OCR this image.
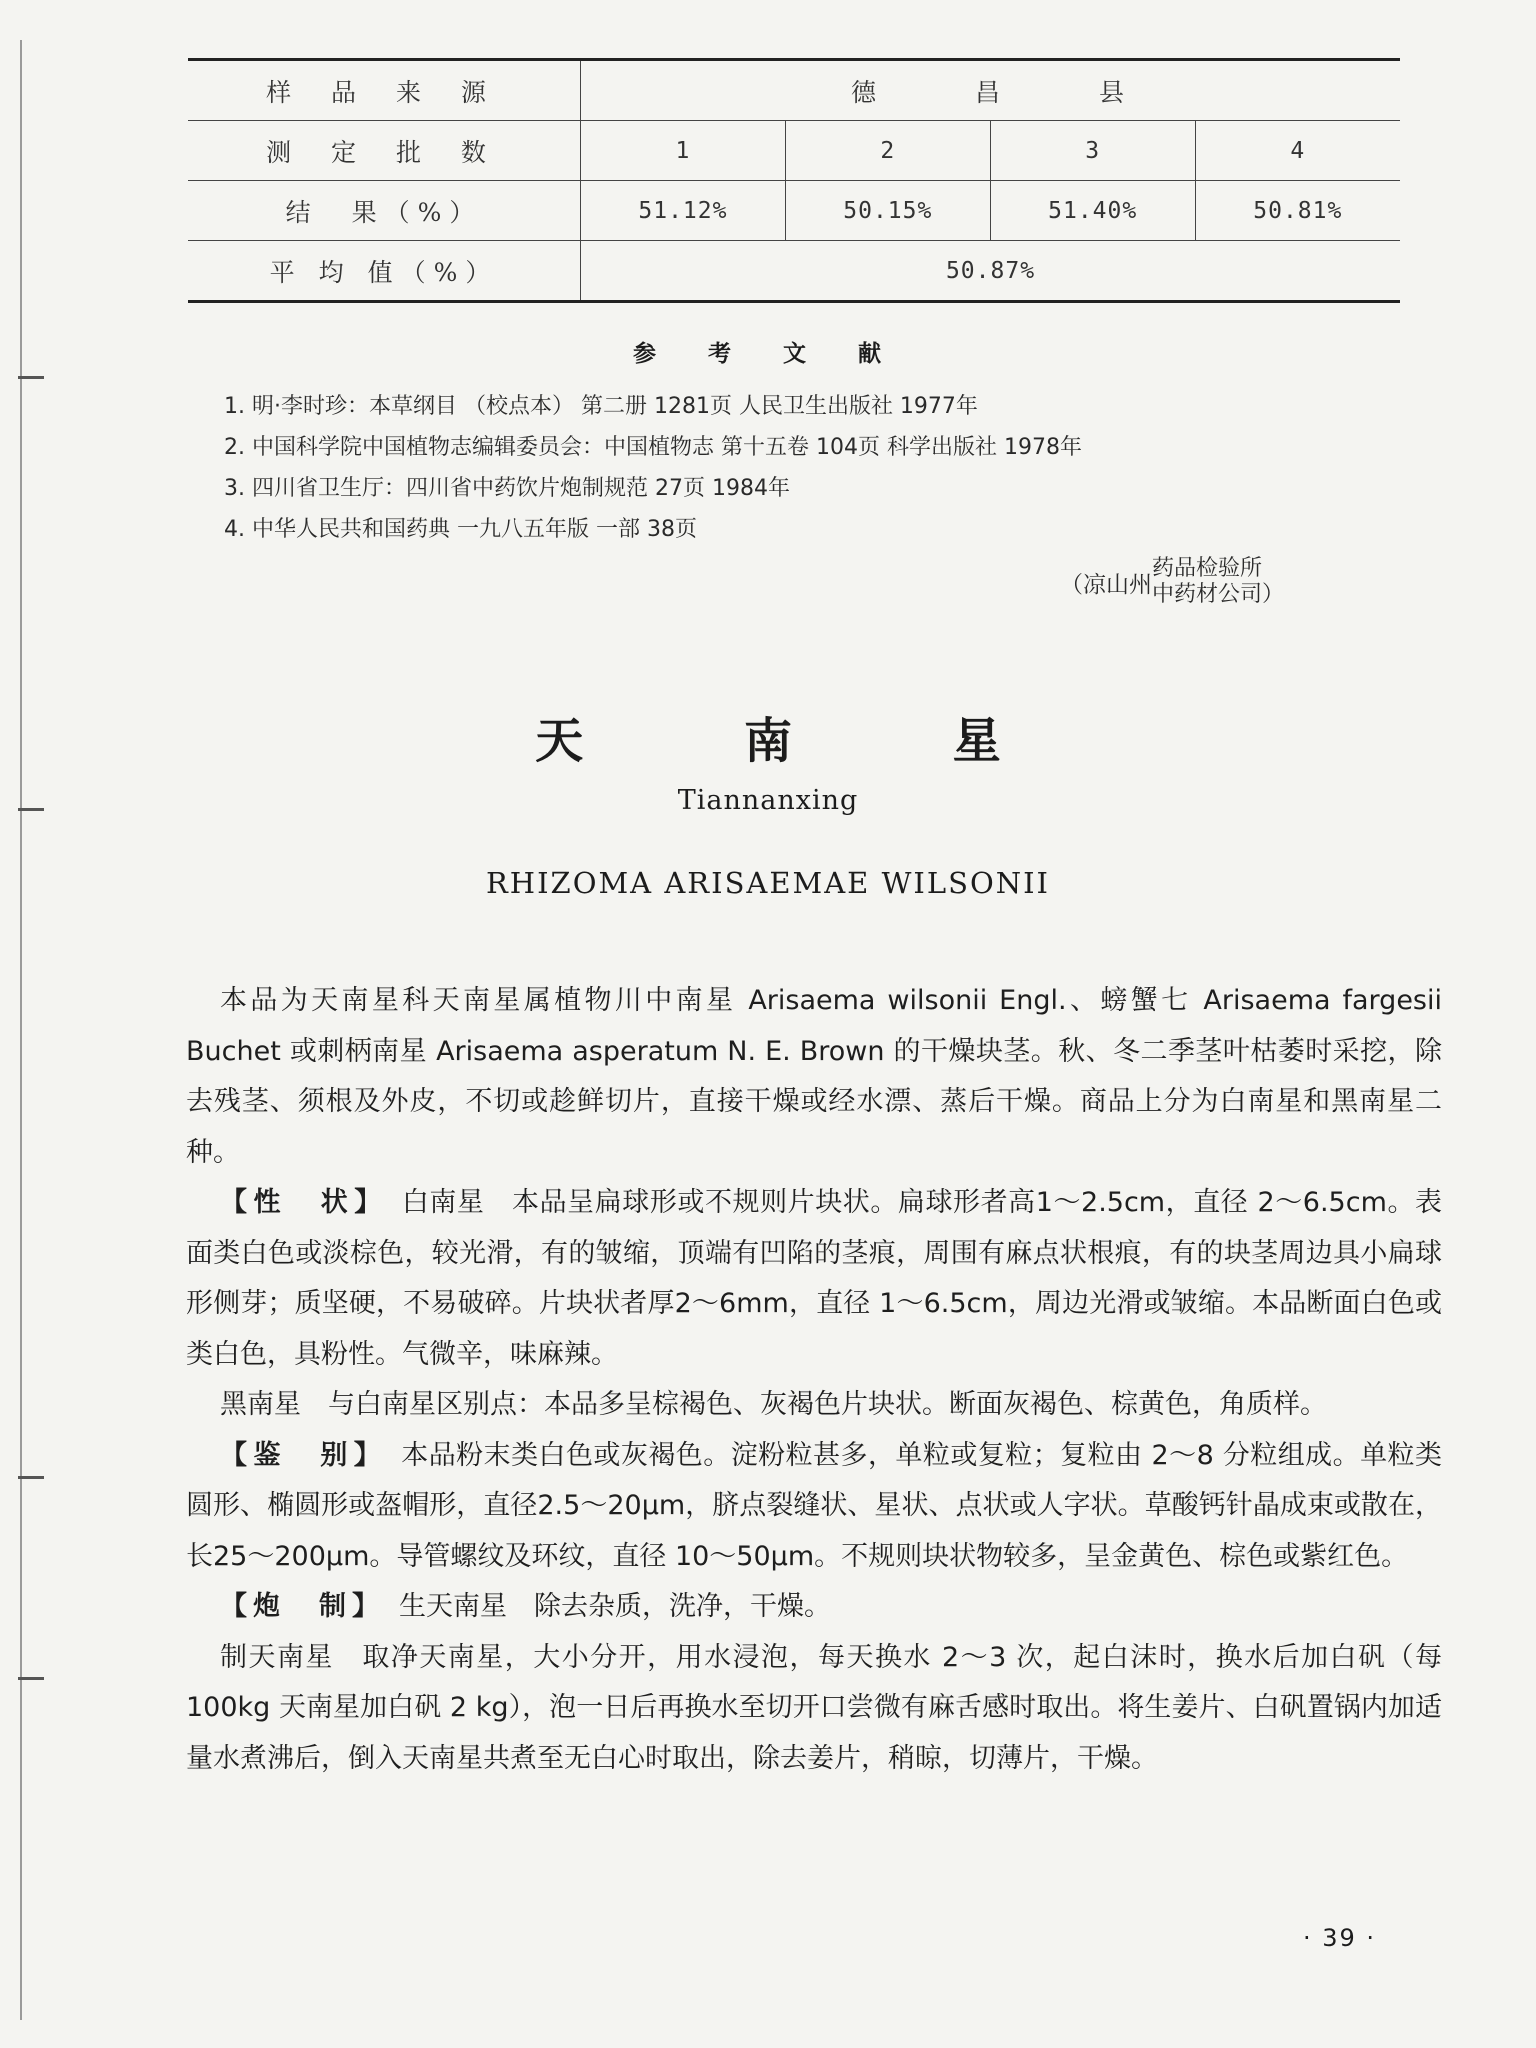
样 品 来 源	德　　　昌　　　县			
测 定 批 数	1	2	3	4
结　果（%）	51.12%	50.15%	51.40%	50.81%
平 均 值（%）	50.87%			
参 考 文 献
1. 明·李时珍：本草纲目 （校点本） 第二册 1281页 人民卫生出版社 1977年
2. 中国科学院中国植物志编辑委员会：中国植物志 第十五卷 104页 科学出版社 1978年
3. 四川省卫生厅：四川省中药饮片炮制规范 27页 1984年
4. 中华人民共和国药典 一九八五年版 一部 38页
（凉山州药品检验所
中药材公司）
天 南 星
Tiannanxing
RHIZOMA ARISAEMAE WILSONII

本品为天南星科天南星属植物川中南星 Arisaema wilsonii Engl.、螃蟹七 Arisaema fargesii Buchet 或刺柄南星 Arisaema asperatum N. E. Brown 的干燥块茎。秋、冬二季茎叶枯萎时采挖，除去残茎、须根及外皮，不切或趁鲜切片，直接干燥或经水漂、蒸后干燥。商品上分为白南星和黑南星二种。

【性　状】 白南星　本品呈扁球形或不规则片块状。扁球形者高1～2.5cm，直径 2～6.5cm。表面类白色或淡棕色，较光滑，有的皱缩，顶端有凹陷的茎痕，周围有麻点状根痕，有的块茎周边具小扁球形侧芽；质坚硬，不易破碎。片块状者厚2～6mm，直径 1～6.5cm，周边光滑或皱缩。本品断面白色或类白色，具粉性。气微辛，味麻辣。

黑南星　与白南星区别点：本品多呈棕褐色、灰褐色片块状。断面灰褐色、棕黄色，角质样。

【鉴　别】 本品粉末类白色或灰褐色。淀粉粒甚多，单粒或复粒；复粒由 2～8 分粒组成。单粒类圆形、椭圆形或盔帽形，直径2.5～20μm，脐点裂缝状、星状、点状或人字状。草酸钙针晶成束或散在，长25～200μm。导管螺纹及环纹，直径 10～50μm。不规则块状物较多，呈金黄色、棕色或紫红色。

【炮　制】 生天南星　除去杂质，洗净，干燥。

制天南星　取净天南星，大小分开，用水浸泡，每天换水 2～3 次，起白沫时，换水后加白矾（每100kg 天南星加白矾 2 kg），泡一日后再换水至切开口尝微有麻舌感时取出。将生姜片、白矾置锅内加适量水煮沸后，倒入天南星共煮至无白心时取出，除去姜片，稍晾，切薄片，干燥。

· 39 ·
